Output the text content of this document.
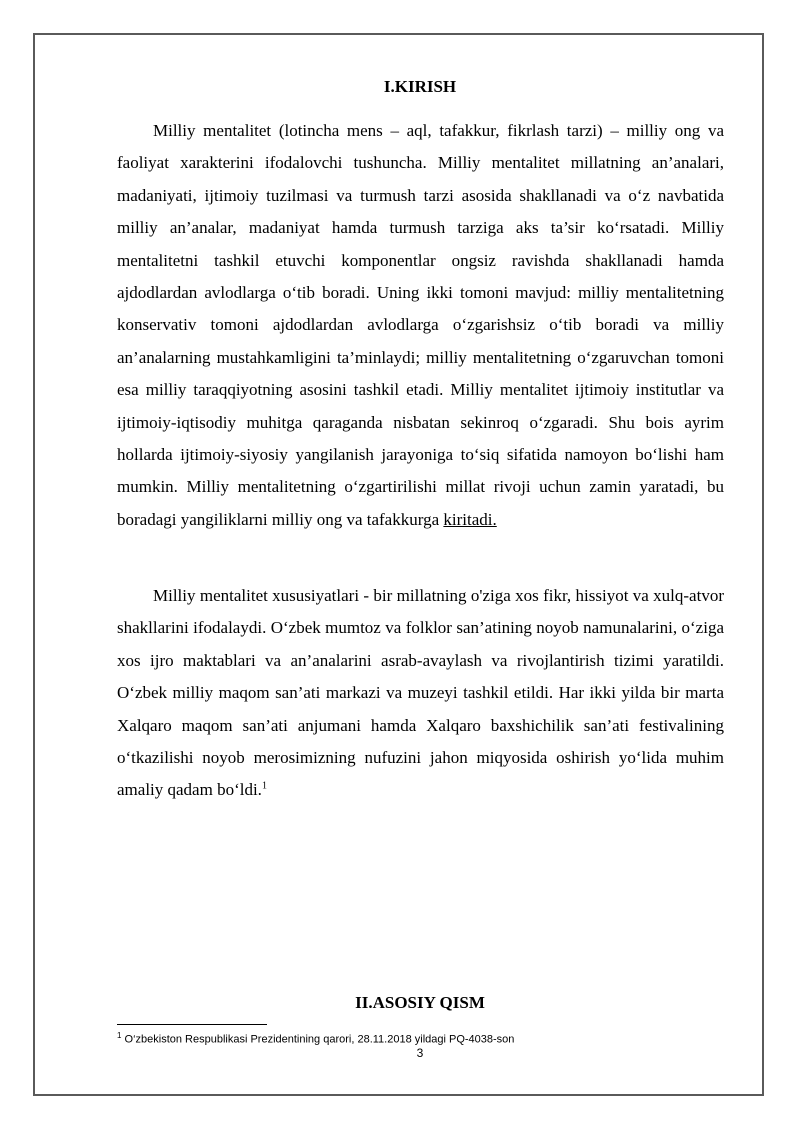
I.KIRISH

Milliy mentalitet (lotincha mens – aql, tafakkur, fikrlash tarzi) – milliy ong va faoliyat xarakterini ifodalovchi tushuncha. Milliy mentalitet millatning an’analari, madaniyati, ijtimoiy tuzilmasi va turmush tarzi asosida shakllanadi va o‘z navbatida milliy an’analar, madaniyat hamda turmush tarziga aks ta’sir ko‘rsatadi. Milliy mentalitetni tashkil etuvchi komponentlar ongsiz ravishda shakllanadi hamda ajdodlardan avlodlarga o‘tib boradi. Uning ikki tomoni mavjud: milliy mentalitetning konservativ tomoni ajdodlardan avlodlarga o‘zgarishsiz o‘tib boradi va milliy an’analarning mustahkamligini ta’minlaydi; milliy mentalitetning o‘zgaruvchan tomoni esa milliy taraqqiyotning asosini tashkil etadi. Milliy mentalitet ijtimoiy institutlar va ijtimoiy-iqtisodiy muhitga qaraganda nisbatan sekinroq o‘zgaradi. Shu bois ayrim hollarda ijtimoiy-siyosiy yangilanish jarayoniga to‘siq sifatida namoyon bo‘lishi ham mumkin. Milliy mentalitetning o‘zgartirilishi millat rivoji uchun zamin yaratadi, bu boradagi yangiliklarni milliy ong va tafakkurga kiritadi.

Milliy mentalitet xususiyatlari - bir millatning o'ziga xos fikr, hissiyot va xulq-atvor shakllarini ifodalaydi. O‘zbek mumtoz va folklor san’atining noyob namunalarini, o‘ziga xos ijro maktablari va an’analarini asrab-avaylash va rivojlantirish tizimi yaratildi. O‘zbek milliy maqom san’ati markazi va muzeyi tashkil etildi. Har ikki yilda bir marta Xalqaro maqom san’ati anjumani hamda Xalqaro baxshichilik san’ati festivalining o‘tkazilishi noyob merosimizning nufuzini jahon miqyosida oshirish yo‘lida muhim amaliy qadam bo‘ldi.$^1$

II.ASOSIY QISM

$^1$ O‘zbekiston Respublikasi Prezidentining qarori, 28.11.2018 yildagi PQ-4038-son

3
